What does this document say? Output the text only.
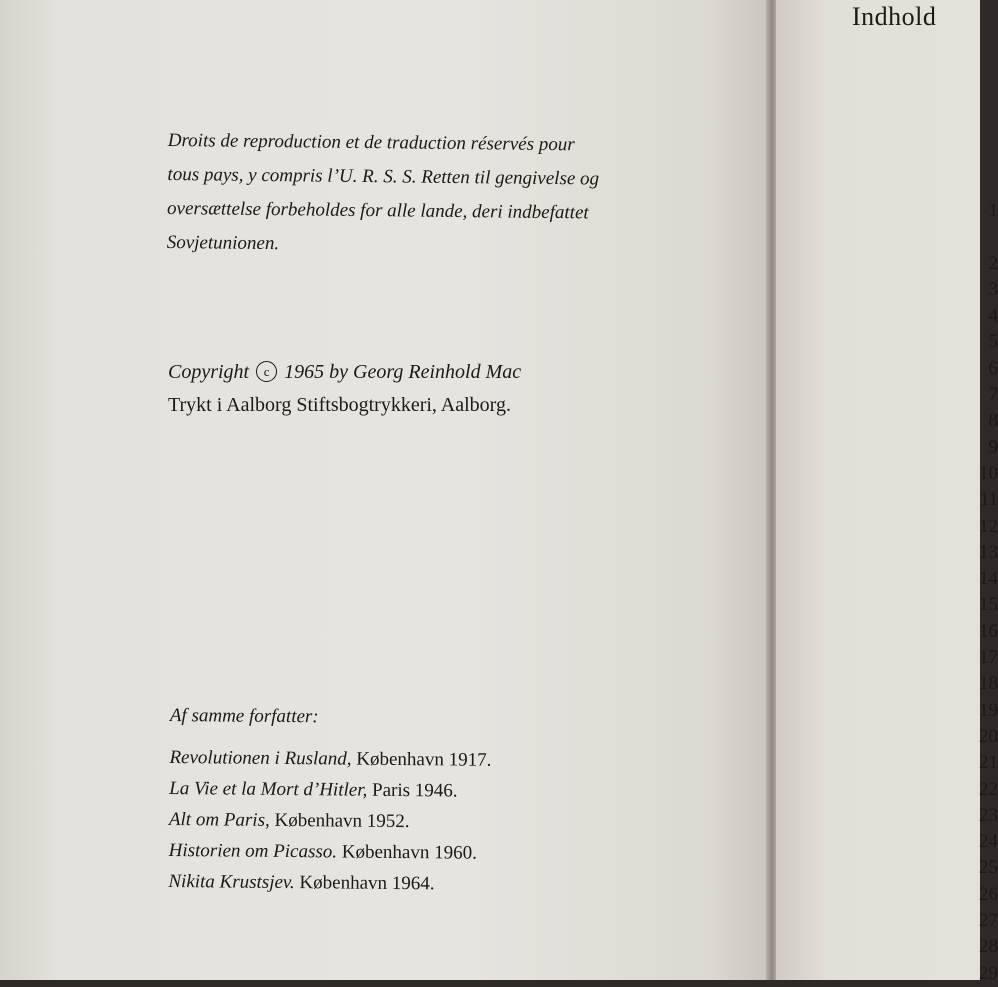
Droits de reproduction et de traduction réservés pour
tous pays, y compris l’U. R. S. S. Retten til gengivelse og
oversættelse forbeholdes for alle lande, deri indbefattet
Sovjetunionen.
Copyright c 1965 by Georg Reinhold Mac
Trykt i Aalborg Stiftsbogtrykkeri, Aalborg.
Af samme forfatter:
Revolutionen i Rusland, København 1917.
La Vie et la Mort d’Hitler, Paris 1946.
Alt om Paris, København 1952.
Historien om Picasso. København 1960.
Nikita Krustsjev. København 1964.
Indhold
1
2
3
4
5
6
7
8
9
10
11
12
13
14
15
16
17
18
19
20
21
22
23
24
25
26
27
28
29
